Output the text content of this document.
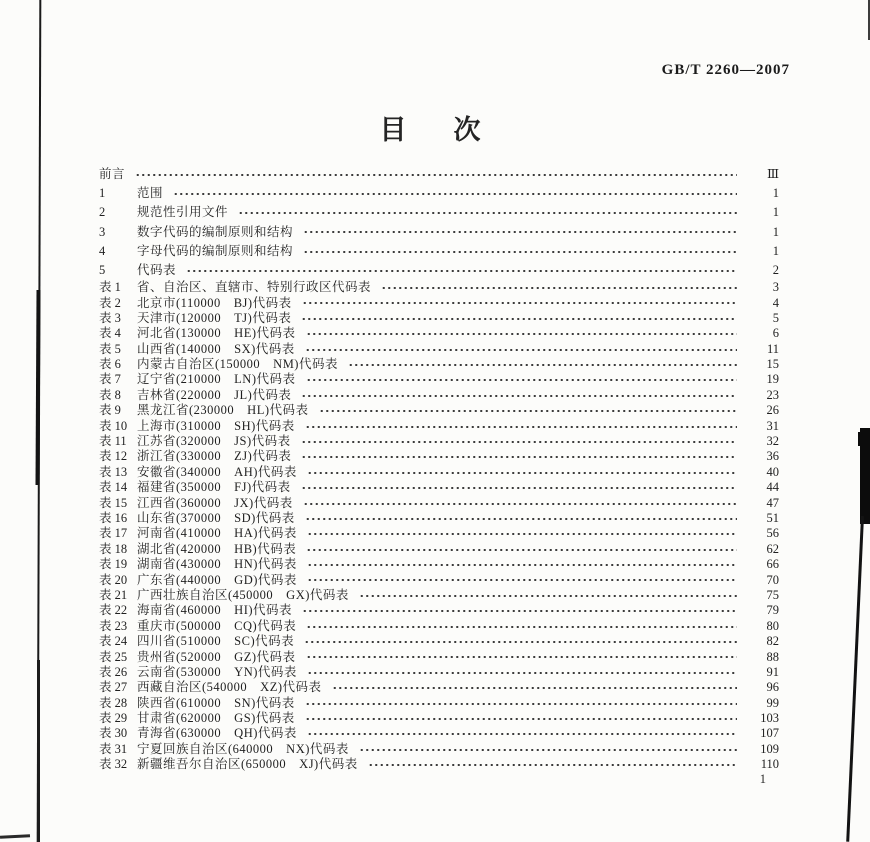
GB/T 2260—2007
目　次
前言	Ⅲ
1	范围	1
2	规范性引用文件	1
3	数字代码的编制原则和结构	1
4	字母代码的编制原则和结构	1
5	代码表	2
表 1	省、自治区、直辖市、特别行政区代码表	3
表 2	北京市(110000　BJ)代码表	4
表 3	天津市(120000　TJ)代码表	5
表 4	河北省(130000　HE)代码表	6
表 5	山西省(140000　SX)代码表	11
表 6	内蒙古自治区(150000　NM)代码表	15
表 7	辽宁省(210000　LN)代码表	19
表 8	吉林省(220000　JL)代码表	23
表 9	黑龙江省(230000　HL)代码表	26
表 10 上海市(310000　SH)代码表	31
表 11 江苏省(320000　JS)代码表	32
表 12 浙江省(330000　ZJ)代码表	36
表 13 安徽省(340000　AH)代码表	40
表 14 福建省(350000　FJ)代码表	44
表 15 江西省(360000　JX)代码表	47
表 16 山东省(370000　SD)代码表	51
表 17 河南省(410000　HA)代码表	56
表 18 湖北省(420000　HB)代码表	62
表 19 湖南省(430000　HN)代码表	66
表 20 广东省(440000　GD)代码表	70
表 21 广西壮族自治区(450000　GX)代码表	75
表 22 海南省(460000　HI)代码表	79
表 23 重庆市(500000　CQ)代码表	80
表 24 四川省(510000　SC)代码表	82
表 25 贵州省(520000　GZ)代码表	88
表 26 云南省(530000　YN)代码表	91
表 27 西藏自治区(540000　XZ)代码表	96
表 28 陕西省(610000　SN)代码表	99
表 29 甘肃省(620000　GS)代码表	103
表 30 青海省(630000　QH)代码表	107
表 31 宁夏回族自治区(640000　NX)代码表	109
表 32 新疆维吾尔自治区(650000　XJ)代码表	110
1
